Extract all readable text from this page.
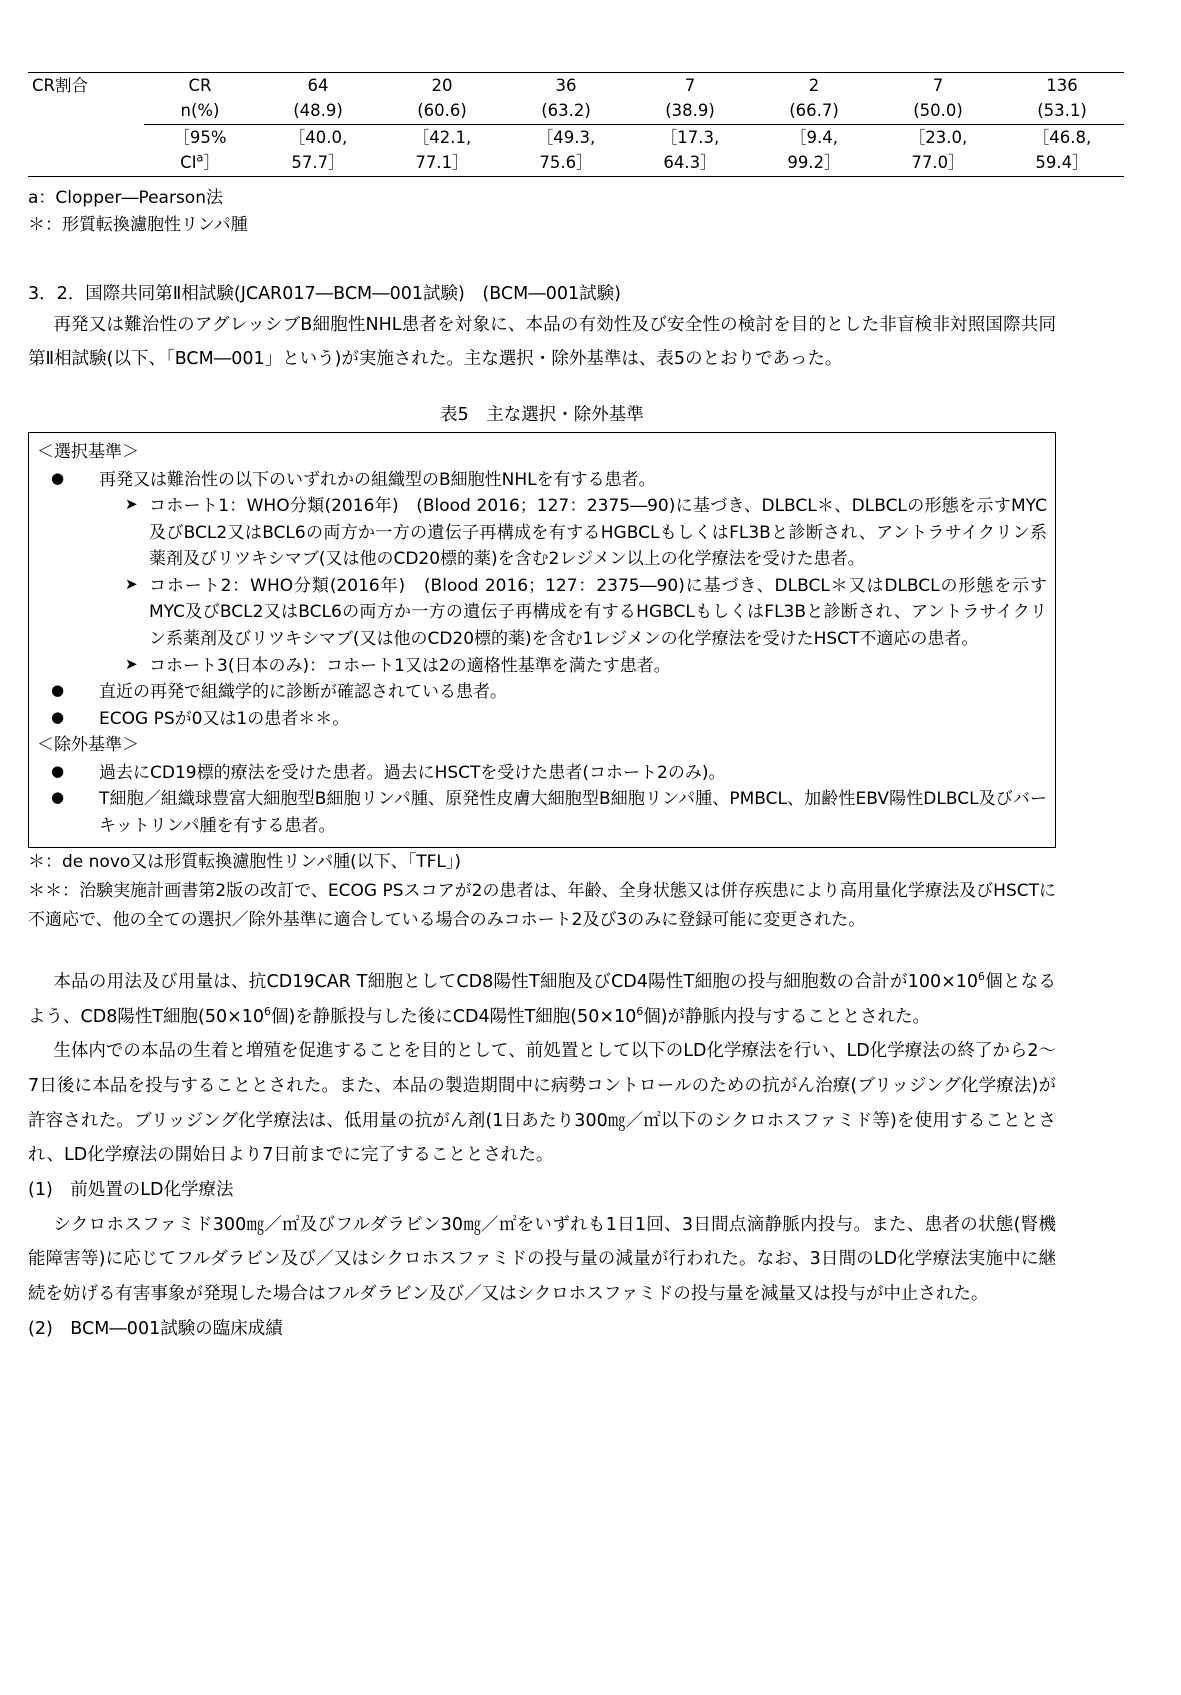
CR割合	CR	64	20	36	7	2	7	136
	n(%)	(48.9)	(60.6)	(63.2)	(38.9)	(66.7)	(50.0)	(53.1)
	［95%	［40.0,	［42.1,	［49.3,	［17.3,	［9.4,	［23.0,	［46.8,
	CI$^a$］	57.7］	77.1］	75.6］	64.3］	99.2］	77.0］	59.4］

a：Clopper―Pearson法

＊：形質転換濾胞性リンパ腫

3．2．国際共同第Ⅱ相試験(JCAR017―BCM―001試験)　(BCM―001試験)

再発又は難治性のアグレッシブB細胞性NHL患者を対象に、本品の有効性及び安全性の検討を目的とした非盲検非対照国際共同第Ⅱ相試験(以下、「BCM―001」という)が実施された。主な選択・除外基準は、表5のとおりであった。

表5　主な選択・除外基準

＜選択基準＞

●	再発又は難治性の以下のいずれかの組織型のB細胞性NHLを有する患者。
➤ コホート1：WHO分類(2016年)　(Blood 2016；127：2375―90)に基づき、DLBCL＊、DLBCLの形態を示すMYC及びBCL2又はBCL6の両方か一方の遺伝子再構成を有するHGBCLもしくはFL3Bと診断され、アントラサイクリン系薬剤及びリツキシマブ(又は他のCD20標的薬)を含む2レジメン以上の化学療法を受けた患者。
➤ コホート2：WHO分類(2016年)　(Blood 2016；127：2375―90)に基づき、DLBCL＊又はDLBCLの形態を示すMYC及びBCL2又はBCL6の両方か一方の遺伝子再構成を有するHGBCLもしくはFL3Bと診断され、アントラサイクリン系薬剤及びリツキシマブ(又は他のCD20標的薬)を含む1レジメンの化学療法を受けたHSCT不適応の患者。
➤ コホート3(日本のみ)：コホート1又は2の適格性基準を満たす患者。
●	直近の再発で組織学的に診断が確認されている患者。
●	ECOG PSが0又は1の患者＊＊。

＜除外基準＞

●	過去にCD19標的療法を受けた患者。過去にHSCTを受けた患者(コホート2のみ)。
●	T細胞／組織球豊富大細胞型B細胞リンパ腫、原発性皮膚大細胞型B細胞リンパ腫、PMBCL、加齢性EBV陽性DLBCL及びバーキットリンパ腫を有する患者。

＊：de novo又は形質転換濾胞性リンパ腫(以下、「TFL」)

＊＊：治験実施計画書第2版の改訂で、ECOG PSスコアが2の患者は、年齢、全身状態又は併存疾患により高用量化学療法及びHSCTに不適応で、他の全ての選択／除外基準に適合している場合のみコホート2及び3のみに登録可能に変更された。

本品の用法及び用量は、抗CD19CAR T細胞としてCD8陽性T細胞及びCD4陽性T細胞の投与細胞数の合計が$100\times 10^6$個となるよう、CD8陽性T細胞($50\times 10^6$個)を静脈投与した後にCD4陽性T細胞($50\times 10^6$個)が静脈内投与することとされた。

生体内での本品の生着と増殖を促進することを目的として、前処置として以下のLD化学療法を行い、LD化学療法の終了から2〜7日後に本品を投与することとされた。また、本品の製造期間中に病勢コントロールのための抗がん治療(ブリッジング化学療法)が許容された。ブリッジング化学療法は、低用量の抗がん剤(1日あたり300㎎／㎡以下のシクロホスファミド等)を使用することとされ、LD化学療法の開始日より7日前までに完了することとされた。

(1)　前処置のLD化学療法

シクロホスファミド300㎎／㎡及びフルダラビン30㎎／㎡をいずれも1日1回、3日間点滴静脈内投与。また、患者の状態(腎機能障害等)に応じてフルダラビン及び／又はシクロホスファミドの投与量の減量が行われた。なお、3日間のLD化学療法実施中に継続を妨げる有害事象が発現した場合はフルダラビン及び／又はシクロホスファミドの投与量を減量又は投与が中止された。

(2)　BCM―001試験の臨床成績
